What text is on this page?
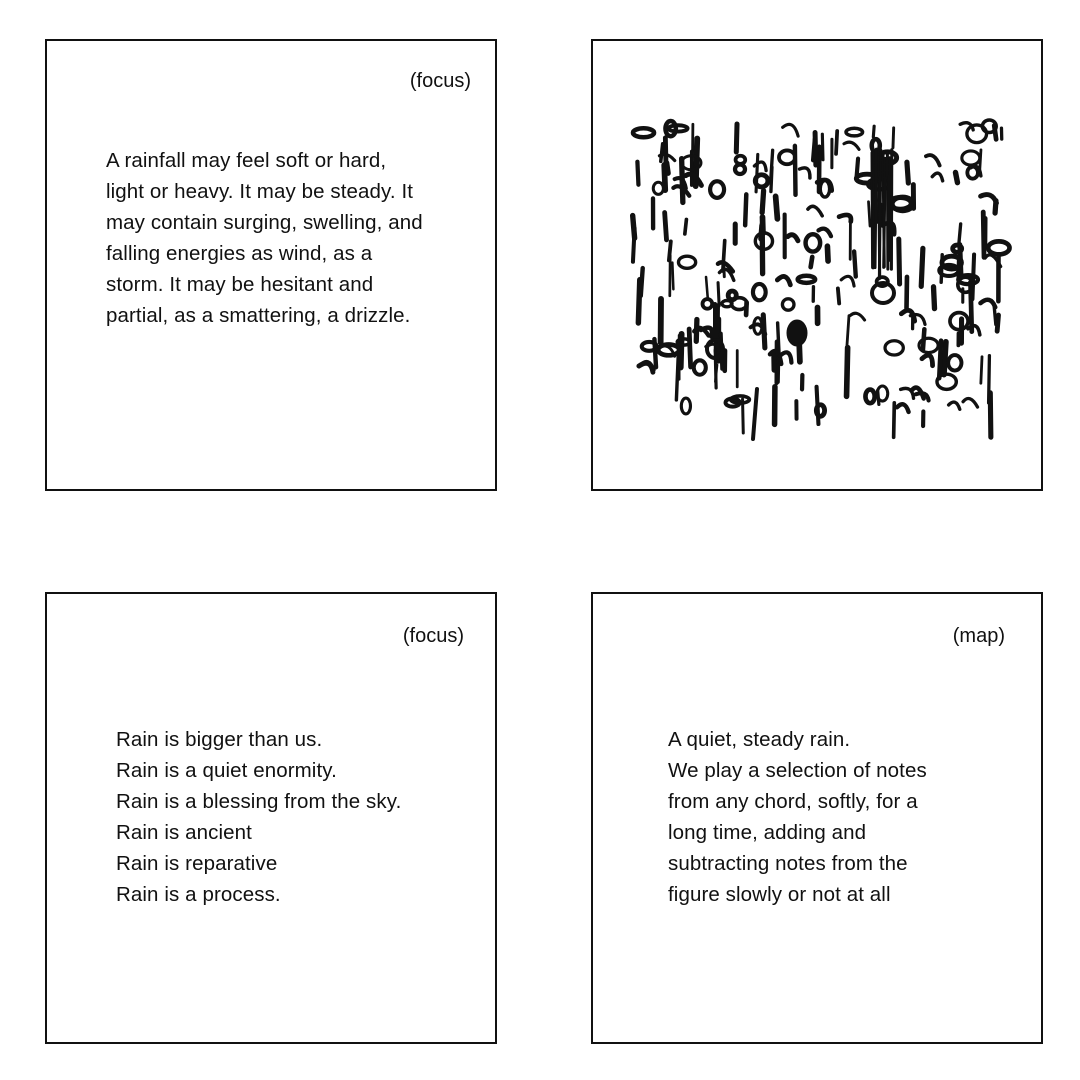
(focus)
A rainfall may feel soft or hard, light or heavy. It may be steady. It may contain surging, swelling, and falling energies as wind, as a storm. It may be hesitant and partial, as a smattering, a drizzle.
(focus)
Rain is bigger than us.
Rain is a quiet enormity.
Rain is a blessing from the sky.
Rain is ancient
Rain is reparative
Rain is a process.
(map)
A quiet, steady rain.
We play a selection of notes
from any chord, softly, for a
long time, adding and
subtracting notes from the
figure slowly or not at all
